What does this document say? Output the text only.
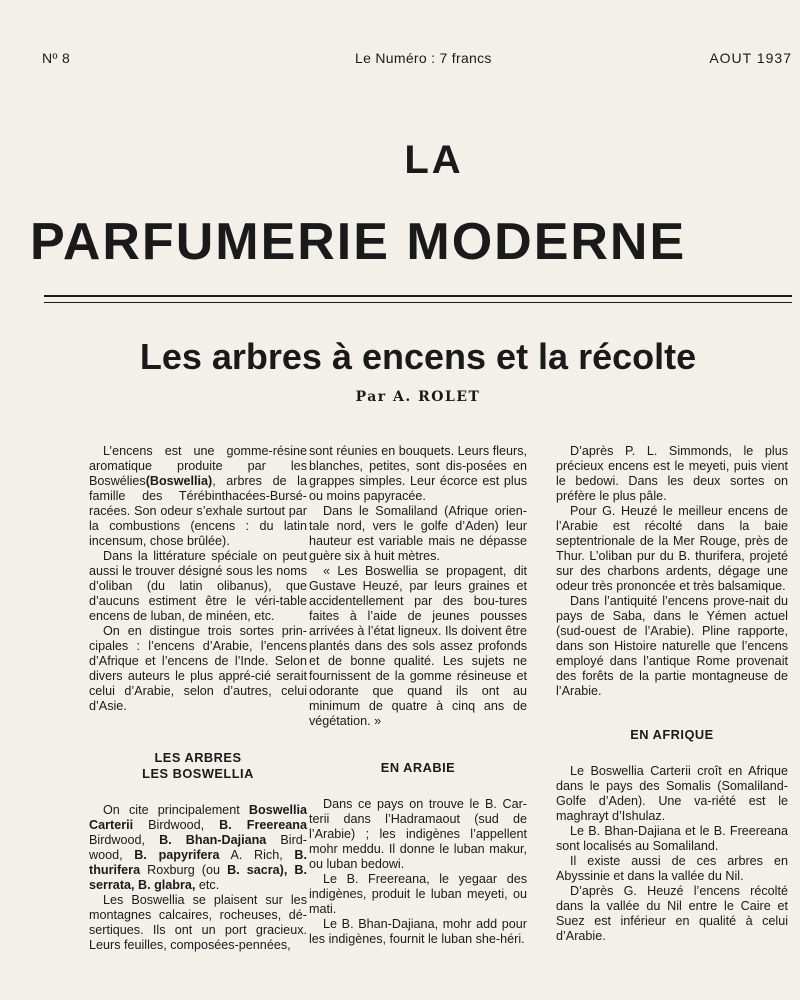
Nº 8	Le Numéro : 7 francs	AOUT 1937
LA
PARFUMERIE MODERNE
Les arbres à encens et la récolte
Par A. ROLET

L’encens est une gomme-résine aromatique produite par les Boswélies(Boswellia), arbres de la famille des Térébinthacées-Bursé-racées. Son odeur s’exhale surtout par la combustions (encens : du latin incensum, chose brûlée).

Dans la littérature spéciale on peut aussi le trouver désigné sous les noms d’oliban (du latin olibanus), que d’aucuns estiment être le véri-table encens de luban, de minéen, etc.

On en distingue trois sortes prin-cipales : l’encens d’Arabie, l’encens d’Afrique et l’encens de l’Inde. Selon divers auteurs le plus appré-cié serait celui d’Arabie, selon d’autres, celui d’Asie.

LES ARBRES
LES BOSWELLIA

On cite principalement Boswellia Carterii Birdwood, B. Freereana Birdwood, B. Bhan-Dajiana Bird-wood, B. papyrifera A. Rich, B. thurifera Roxburg (ou B. sacra), B. serrata, B. glabra, etc.

Les Boswellia se plaisent sur les montagnes calcaires, rocheuses, dé-sertiques. Ils ont un port gracieux. Leurs feuilles, composées-pennées,

sont réunies en bouquets. Leurs fleurs, blanches, petites, sont dis-posées en grappes simples. Leur écorce est plus ou moins papyracée.

Dans le Somaliland (Afrique orien-tale nord, vers le golfe d’Aden) leur hauteur est variable mais ne dépasse guère six à huit mètres.

« Les Boswellia se propagent, dit Gustave Heuzé, par leurs graines et accidentellement par des bou-tures faites à l’aide de jeunes pousses arrivées à l’état ligneux. Ils doivent être plantés dans des sols assez profonds et de bonne qualité. Les sujets ne fournissent de la gomme résineuse et odorante que quand ils ont au minimum de quatre à cinq ans de végétation. »

EN ARABIE

Dans ce pays on trouve le B. Car-terii dans l’Hadramaout (sud de l’Arabie) ; les indigènes l’appellent mohr meddu. Il donne le luban makur, ou luban bedowi.

Le B. Freereana, le yegaar des indigènes, produit le luban meyeti, ou mati.

Le B. Bhan-Dajiana, mohr add pour les indigènes, fournit le luban she-héri.

D’après P. L. Simmonds, le plus précieux encens est le meyeti, puis vient le bedowi. Dans les deux sortes on préfère le plus pâle.

Pour G. Heuzé le meilleur encens de l’Arabie est récolté dans la baie septentrionale de la Mer Rouge, près de Thur. L’oliban pur du B. thurifera, projeté sur des charbons ardents, dégage une odeur très prononcée et très balsamique.

Dans l’antiquité l’encens prove-nait du pays de Saba, dans le Yémen actuel (sud-ouest de l’Arabie). Pline rapporte, dans son Histoire naturelle que l’encens employé dans l’antique Rome provenait des forêts de la partie montagneuse de l’Arabie.

EN AFRIQUE

Le Boswellia Carterii croît en Afrique dans le pays des Somalis (Somaliland-Golfe d’Aden). Une va-riété est le maghrayt d’Ishulaz.

Le B. Bhan-Dajiana et le B. Freereana sont localisés au Somaliland.

Il existe aussi de ces arbres en Abyssinie et dans la vallée du Nil.

D’après G. Heuzé l’encens récolté dans la vallée du Nil entre le Caire et Suez est inférieur en qualité à celui d’Arabie.
